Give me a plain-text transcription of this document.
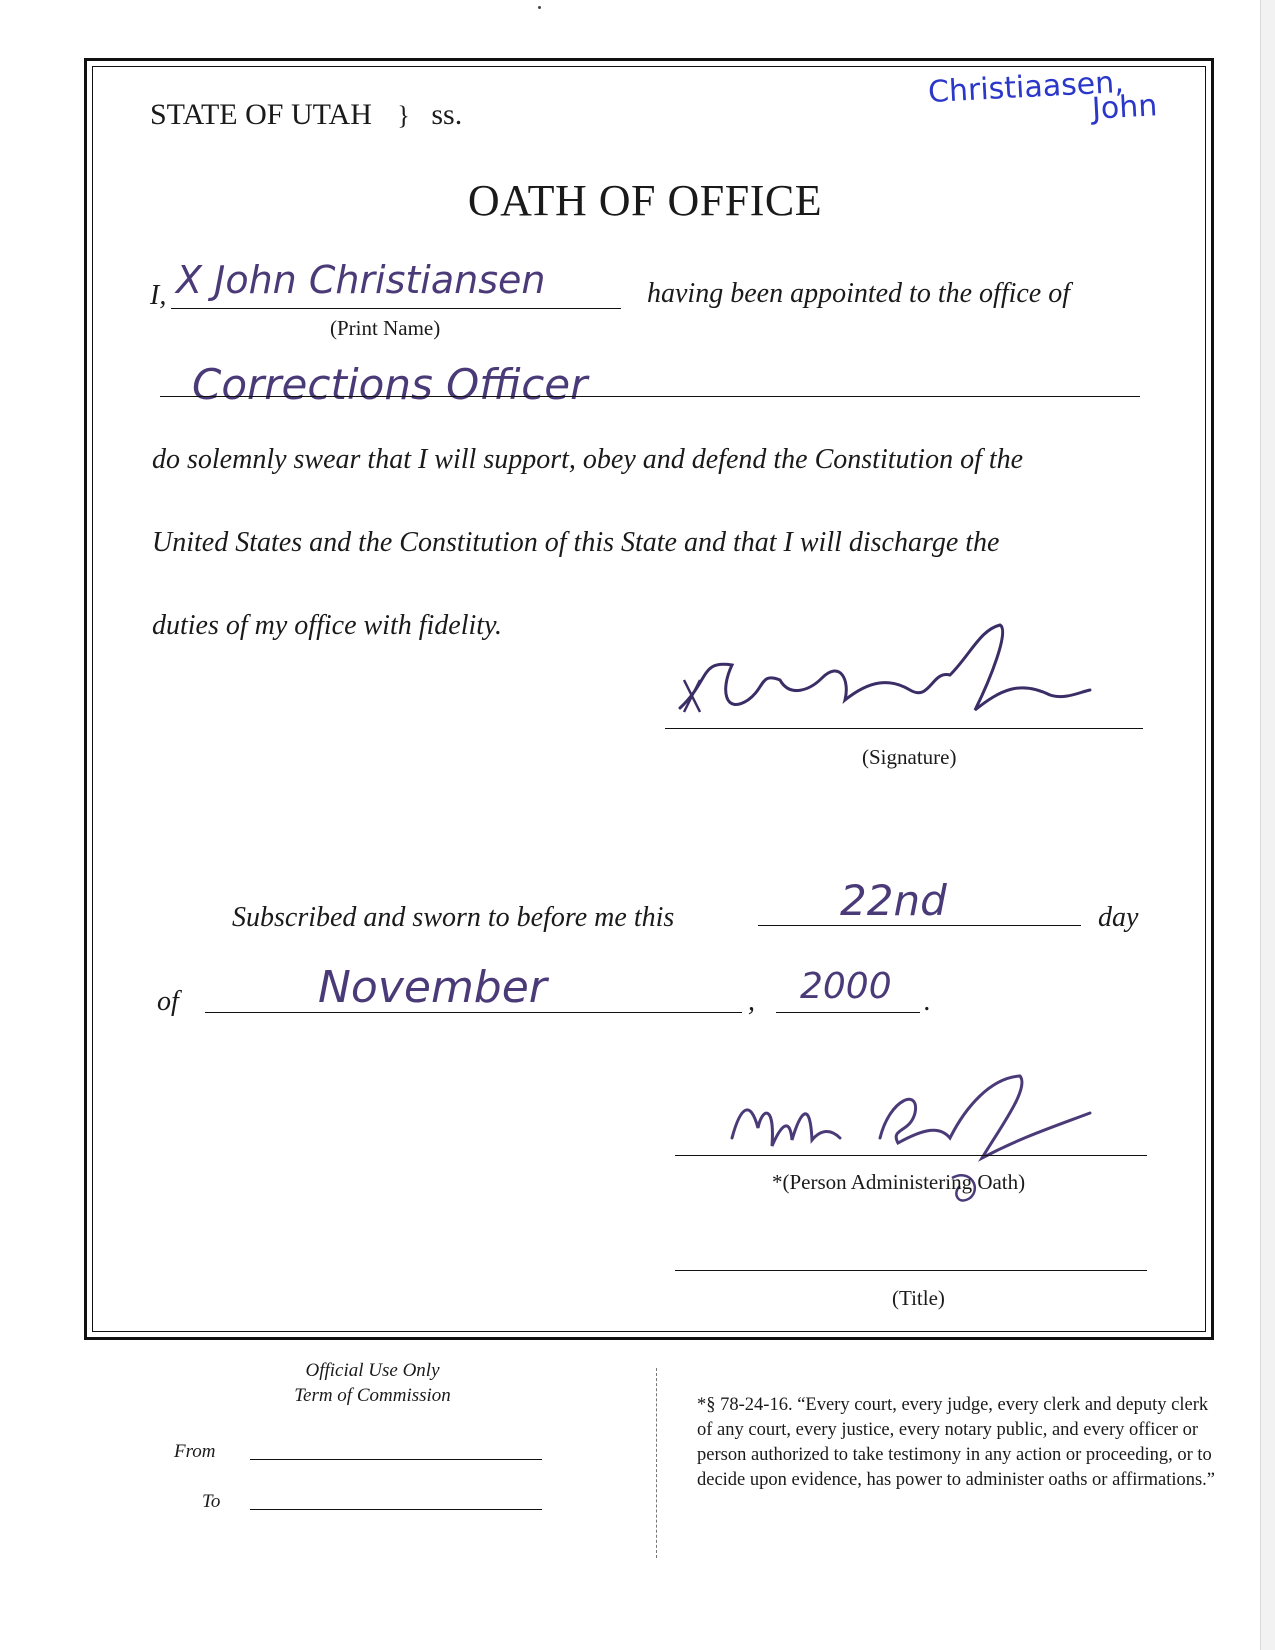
STATE OF UTAH } ss.
Christiaasen,
John
OATH OF OFFICE
I, X John Christiansen
(Print Name)
having been appointed to the office of
Corrections Officer
do solemnly swear that I will support, obey and defend the Constitution of the
United States and the Constitution of this State and that I will discharge the
duties of my office with fidelity.
(Signature)
Subscribed and sworn to before me this	22nd	day
of	November	, 2000 .
*(Person Administering Oath)
(Title)
Official Use Only
Term of Commission
From
To
*§ 78-24-16. “Every court, every judge, every clerk and deputy clerk of any court, every justice, every notary public, and every officer or person authorized to take testimony in any action or proceeding, or to decide upon evidence, has power to administer oaths or affirmations.”
